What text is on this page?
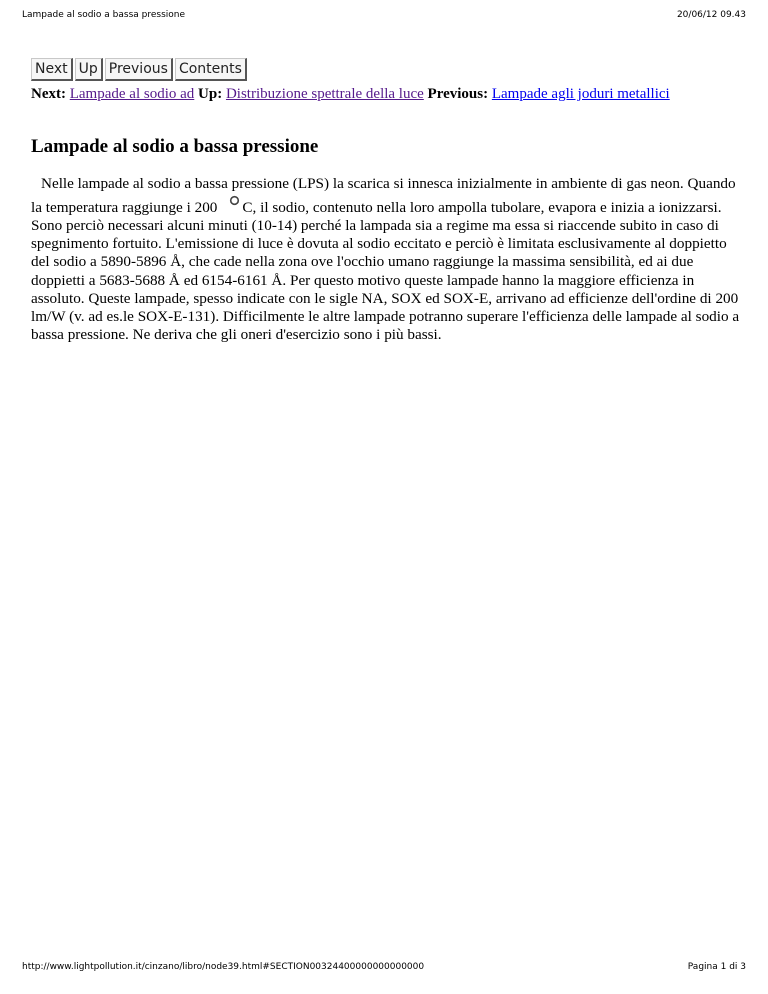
Lampade al sodio a bassa pressione	20/06/12 09.43
Next Up Previous Contents
Next: Lampade al sodio ad Up: Distribuzione spettrale della luce Previous: Lampade agli joduri metallici
Lampade al sodio a bassa pressione

Nelle lampade al sodio a bassa pressione (LPS) la scarica si innesca inizialmente in ambiente di gas neon. Quando la temperatura raggiunge i 200 C, il sodio, contenuto nella loro ampolla tubolare, evapora e inizia a ionizzarsi. Sono perciò necessari alcuni minuti (10-14) perché la lampada sia a regime ma essa si riaccende subito in caso di spegnimento fortuito. L'emissione di luce è dovuta al sodio eccitato e perciò è limitata esclusivamente al doppietto del sodio a 5890-5896 Å, che cade nella zona ove l'occhio umano raggiunge la massima sensibilità, ed ai due doppietti a 5683-5688 Å ed 6154-6161 Å. Per questo motivo queste lampade hanno la maggiore efficienza in assoluto. Queste lampade, spesso indicate con le sigle NA, SOX ed SOX-E, arrivano ad efficienze dell'ordine di 200 lm/W (v. ad es.le SOX-E-131). Difficilmente le altre lampade potranno superare l'efficienza delle lampade al sodio a bassa pressione. Ne deriva che gli oneri d'esercizio sono i più bassi.

http://www.lightpollution.it/cinzano/libro/node39.html#SECTION00324400000000000000	Pagina 1 di 3
